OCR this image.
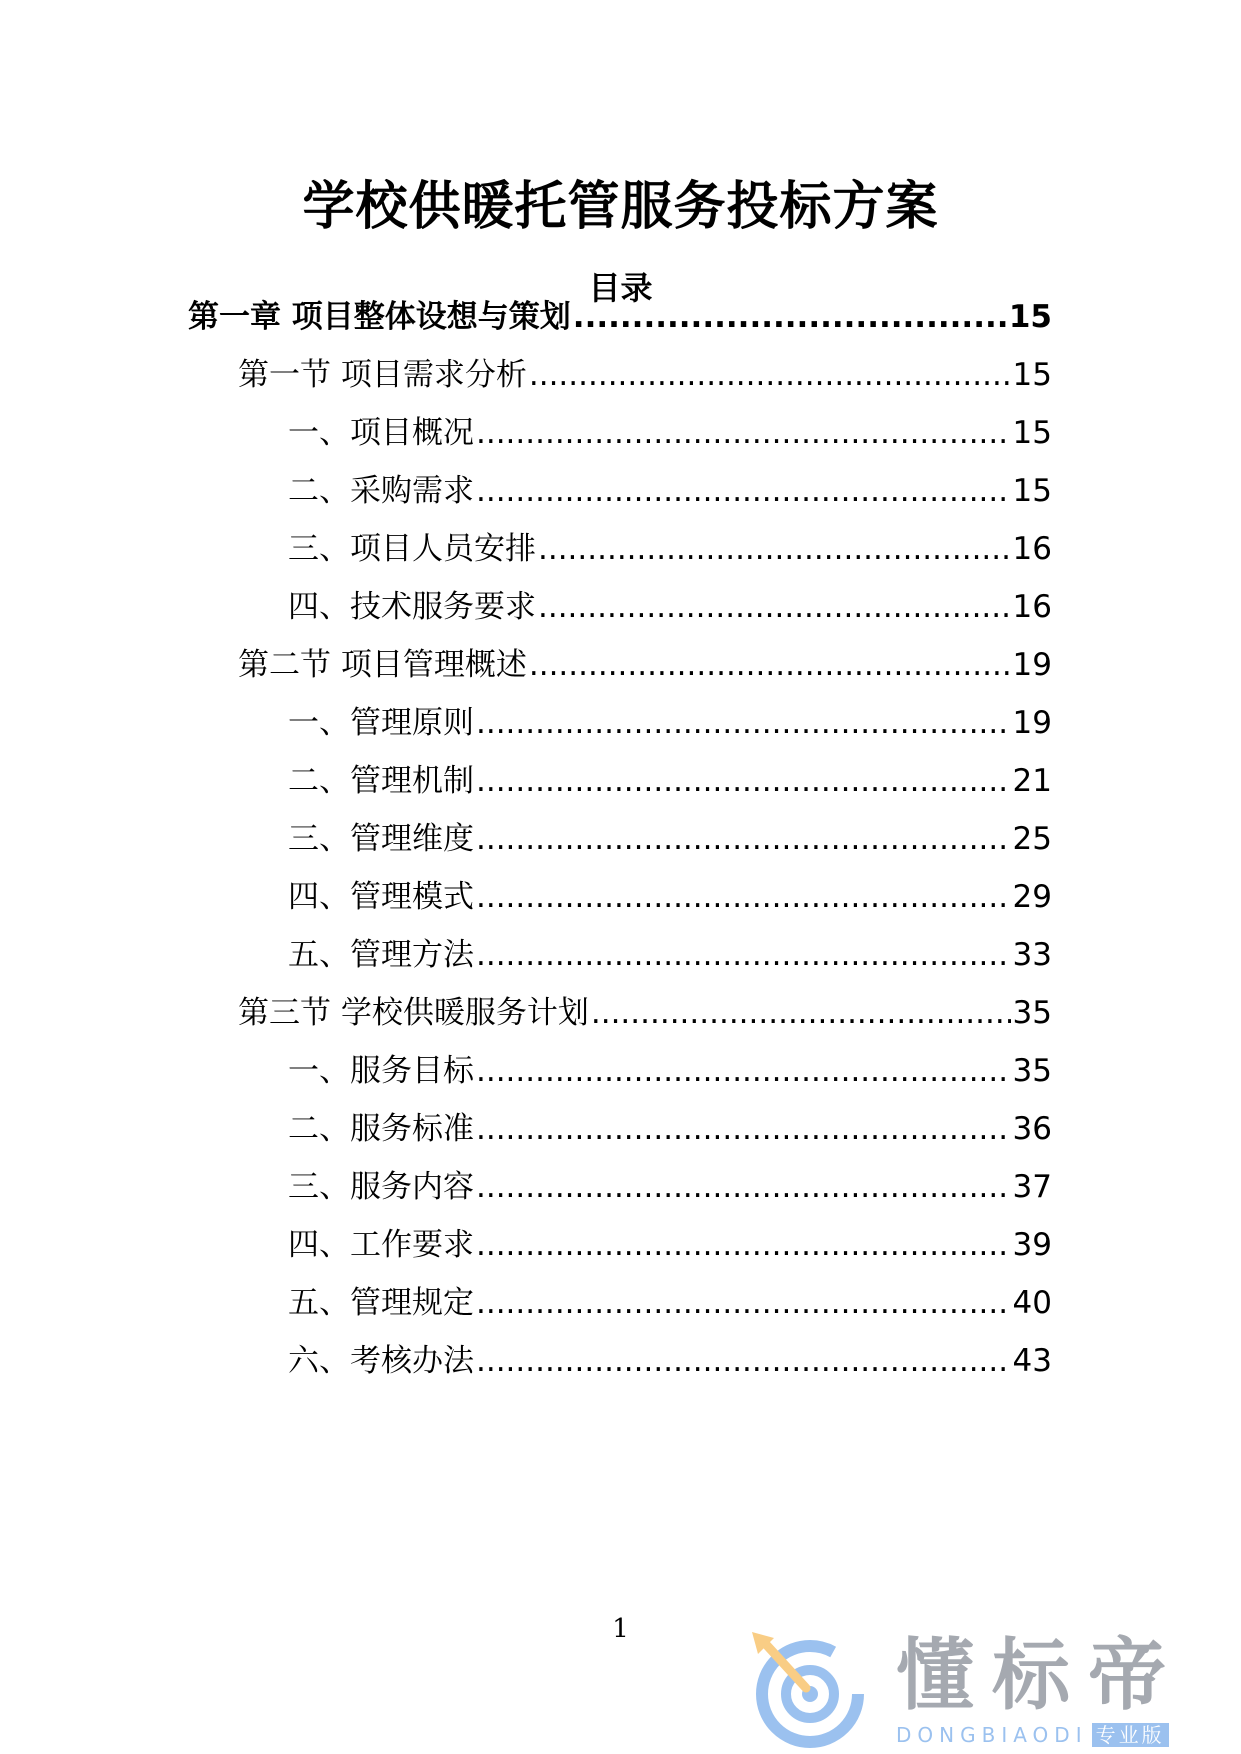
学校供暖托管服务投标方案
目录
第一章 项目整体设想与策划 .....	15
第一节 项目需求分析 .....	15
一、项目概况 .....	15
二、采购需求 .....	15
三、项目人员安排 .....	16
四、技术服务要求 .....	16
第二节 项目管理概述 .....	19
一、管理原则 .....	19
二、管理机制 .....	21
三、管理维度 .....	25
四、管理模式 .....	29
五、管理方法 .....	33
第三节 学校供暖服务计划 .....	35
一、服务目标 .....	35
二、服务标准 .....	36
三、服务内容 .....	37
四、工作要求 .....	39
五、管理规定 .....	40
六、考核办法 .....	43
1
懂标帝
DONGBIAODI 专业版
